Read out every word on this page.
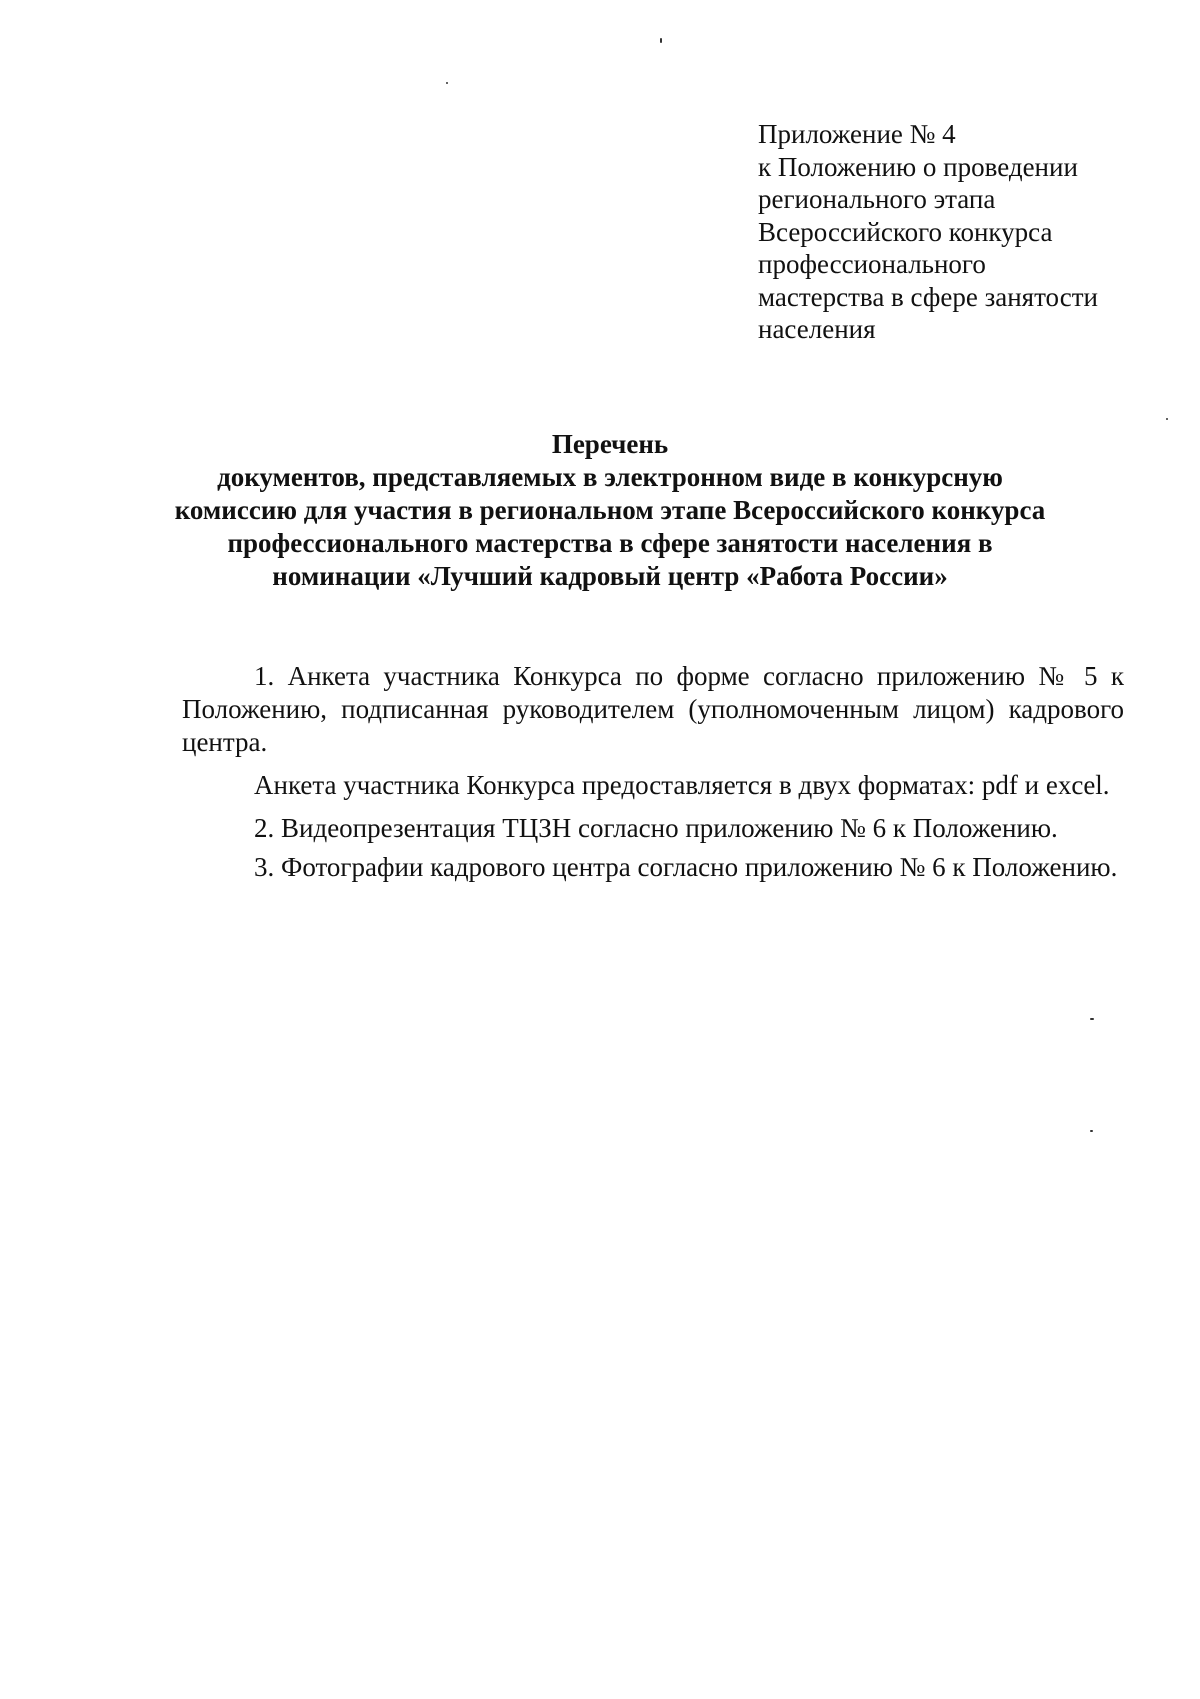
Приложение № 4
к Положению о проведении
регионального этапа
Всероссийского конкурса
профессионального
мастерства в сфере занятости
населения
Перечень
документов, представляемых в электронном виде в конкурсную
комиссию для участия в региональном этапе Всероссийского конкурса
профессионального мастерства в сфере занятости населения в
номинации «Лучший кадровый центр «Работа России»

1. Анкета участника Конкурса по форме согласно приложению № 5 к Положению, подписанная руководителем (уполномоченным лицом) кадрового центра.

Анкета участника Конкурса предоставляется в двух форматах: pdf и excel.

2. Видеопрезентация ТЦЗН согласно приложению № 6 к Положению.

3. Фотографии кадрового центра согласно приложению № 6 к Положению.
